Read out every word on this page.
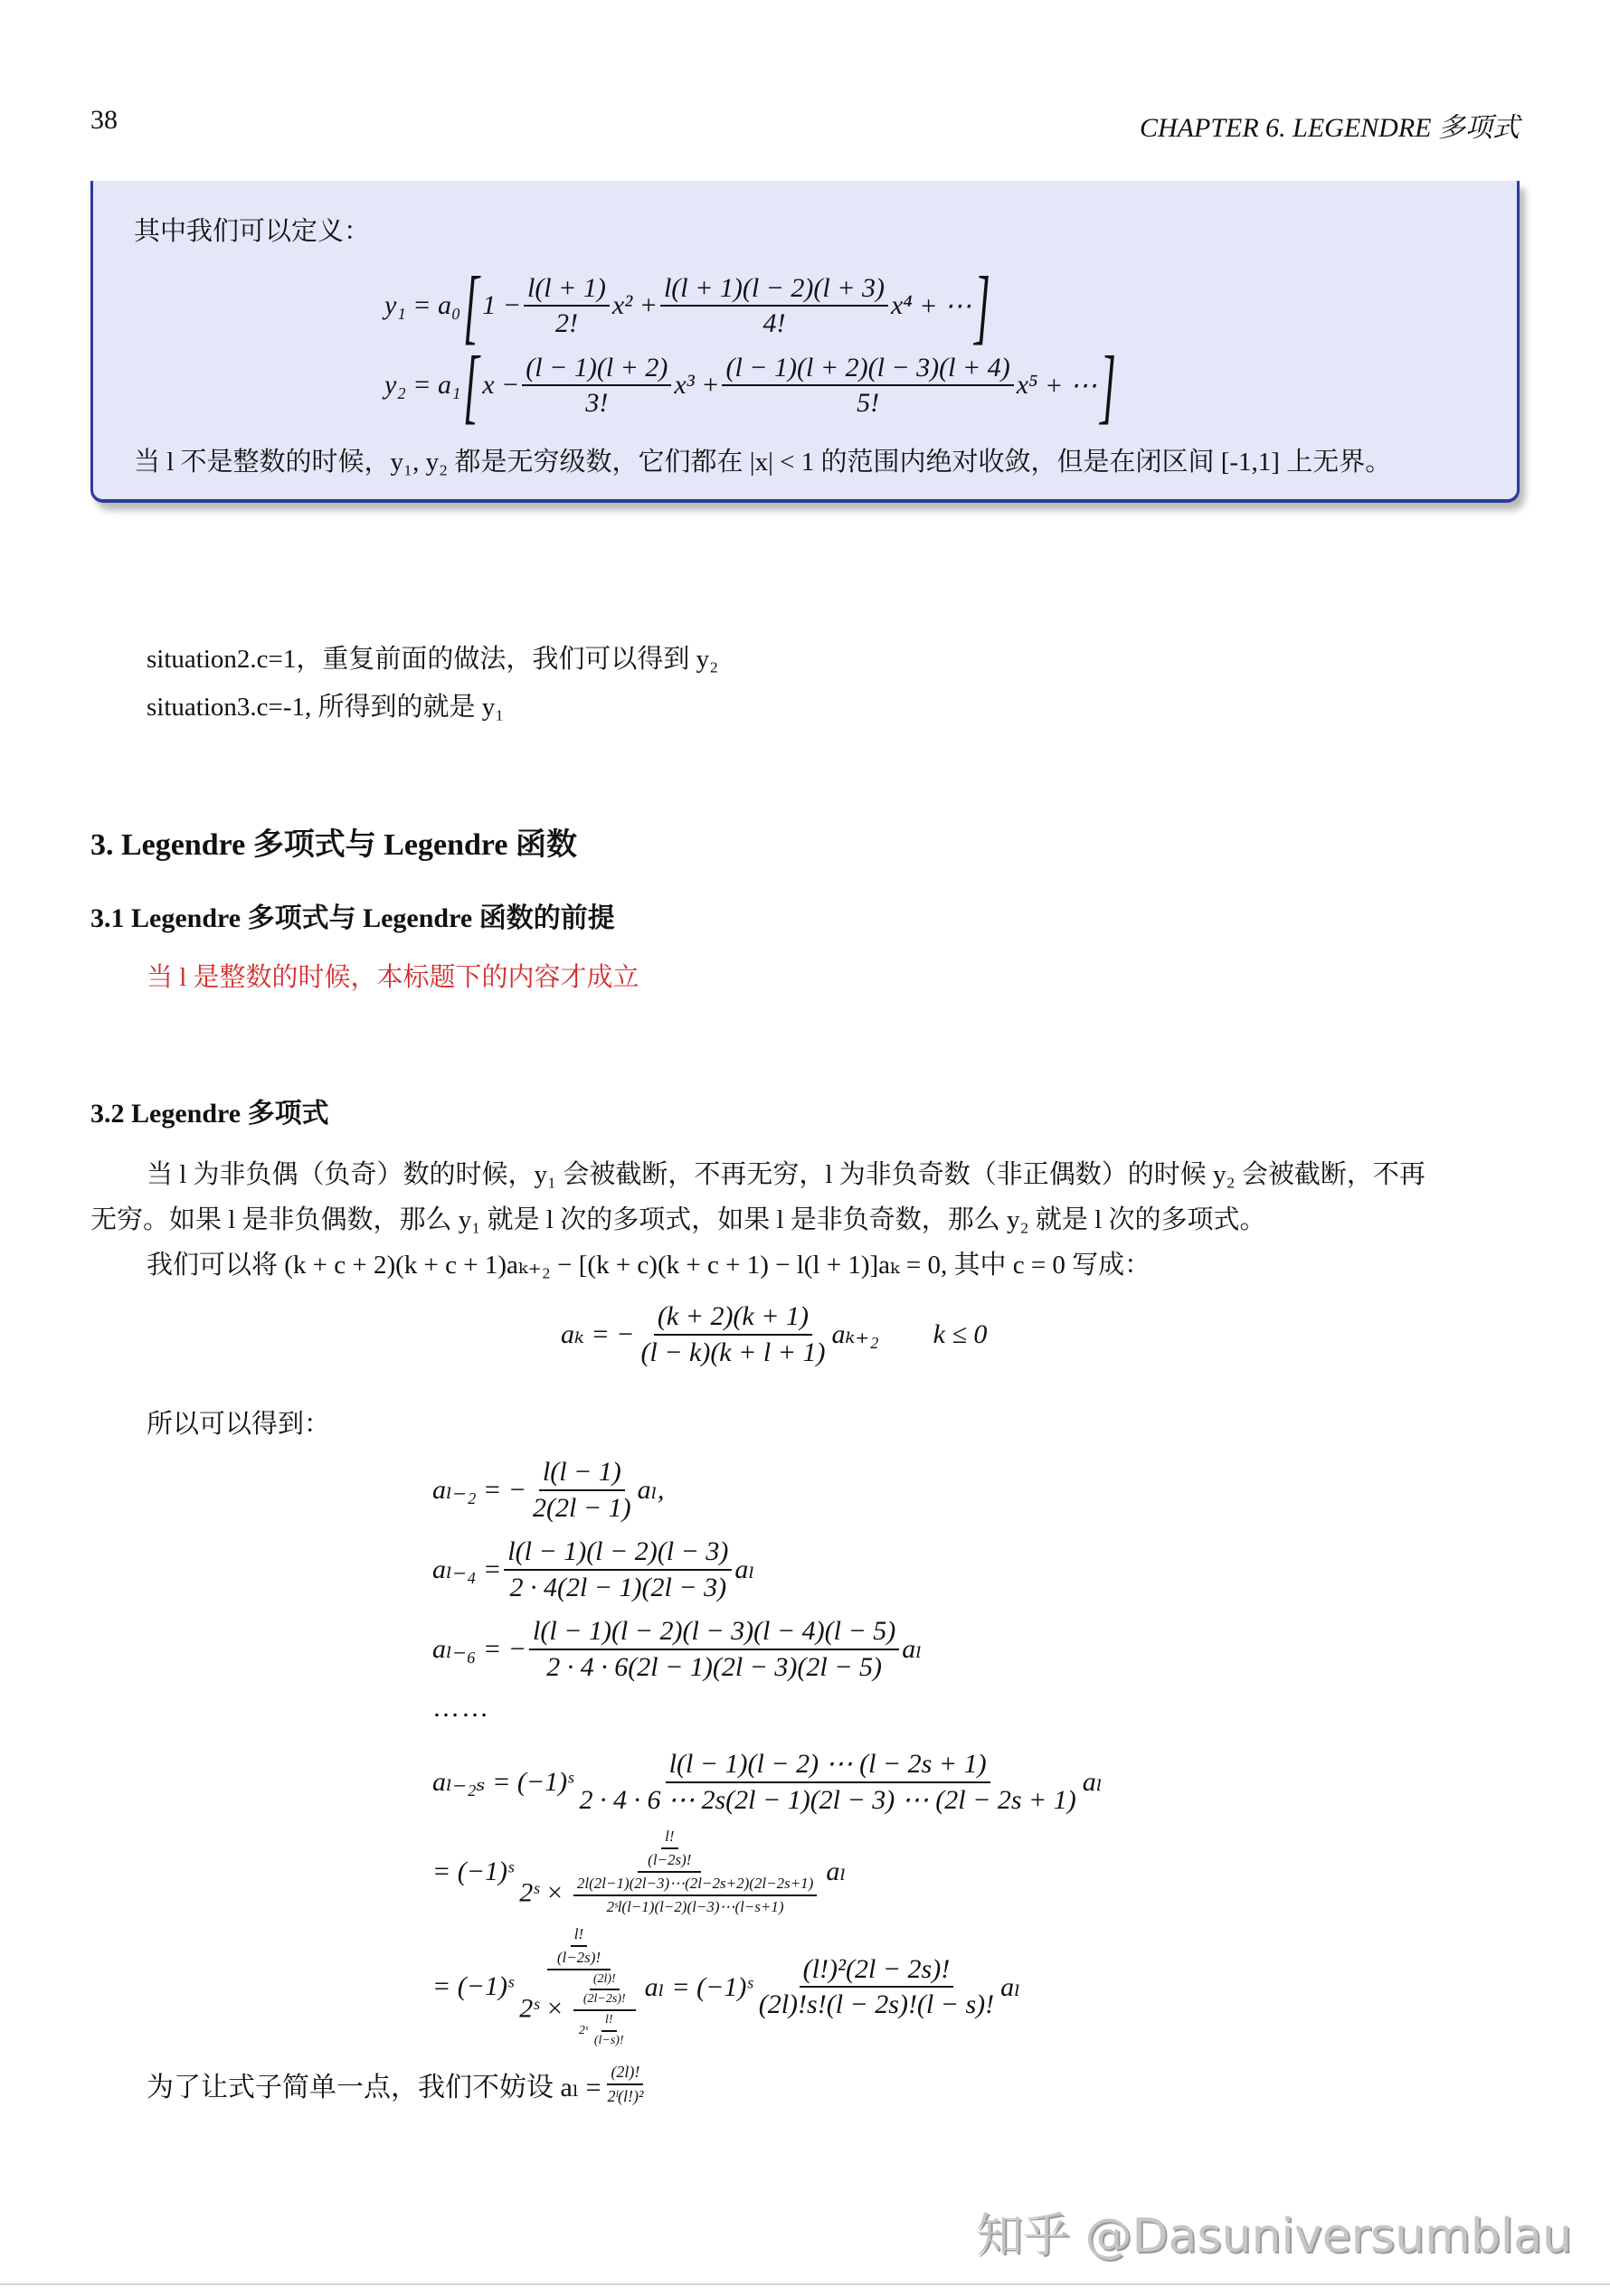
38	CHAPTER 6. LEGENDRE 多项式
其中我们可以定义：
y₁ = a₀ [ $1 - \frac{l(l + 1)}{2!} x^2$
+ $\frac{l(l + 1)(l - 2)(l + 3)}{4!} x^4$
+ ⋯ ]
y₂ = a₁ [ $x - \frac{(l - 1)(l + 2)}{3!} x^3$
+ $\frac{(l - 1)(l + 2)(l - 3)(l + 4)}{5!} x^5$
+ ⋯ ]
当 l 不是整数的时候，y₁, y₂ 都是无穷级数，它们都在 |x| < 1 的范围内绝对收敛，但是在闭区间 [-1,1] 上无界。
situation2.c=1，重复前面的做法，我们可以得到 y₂
situation3.c=-1, 所得到的就是 y₁
3. Legendre 多项式与 Legendre 函数
3.1 Legendre 多项式与 Legendre 函数的前提
当 l 是整数的时候，本标题下的内容才成立
3.2 Legendre 多项式
当 l 为非负偶（负奇）数的时候，y₁ 会被截断，不再无穷，l 为非负奇数（非正偶数）的时候 y₂ 会被截断，不再
无穷。如果 l 是非负偶数，那么 y₁ 就是 l 次的多项式，如果 l 是非负奇数，那么 y₂ 就是 l 次的多项式。
我们可以将 (k + c + 2)(k + c + 1)aₖ₊₂ − [(k + c)(k + c + 1) − l(l + 1)]aₖ = 0, 其中 c = 0 写成：
aₖ = − $\frac{(k + 2)(k + 1)}{(l - k)(k + l + 1)} a_{k+2}$ k ≤ 0
所以可以得到：
aₗ₋₂ = − $\frac{l(l - 1)}{2(2l - 1)} a_l$,
$a_{l-4} = \frac{l(l - 1)(l - 2)(l - 3)}{2 \cdot 4(2l - 1)(2l - 3)}$ aₗ
aₗ₋₆ = − $\frac{l(l - 1)(l - 2)(l - 3)(l - 4)(l - 5)}{2 \cdot 4 \cdot 6(2l - 1)(2l - 3)(2l - 5)}$ aₗ
……
aₗ₋₂ₛ = (−1)ˢ $\frac{l(l - 1)(l - 2) \cdots (l - 2s + 1)}{2 \cdot 4 \cdot 6 \cdots 2s(2l - 1)(2l - 3) \cdots (2l - 2s + 1)}$ aₗ
= (−1)ˢ
$\frac{l!}{(l-2s)!}$
2ˢ × $\frac{2l(2l-1)(2l-3)\cdots(2l-2s+2)(2l-2s+1)}{\text{2ˢl(l−1)(l−2)(l−3)⋯(l−s+1)}}$
aₗ
= (−1)ˢ $\frac{\frac{l!}{(l-2s)!}}{2ˢ \times \frac{\frac{(2l)!}{(2l-2s)!}}{2ˢ \frac{l!}{(l-s)!}}}$ aₗ = (−1)ˢ $\frac{\text{(l!)²(2l − 2s)!}}{(2l)!s!(l - 2s)!(l - s)!}$ aₗ
为了让式子简单一点，我们不妨设 $a_l = \frac{(2l)!}{\text{2ˡ(l!)²}}$
知乎 @Dasuniversumblau
